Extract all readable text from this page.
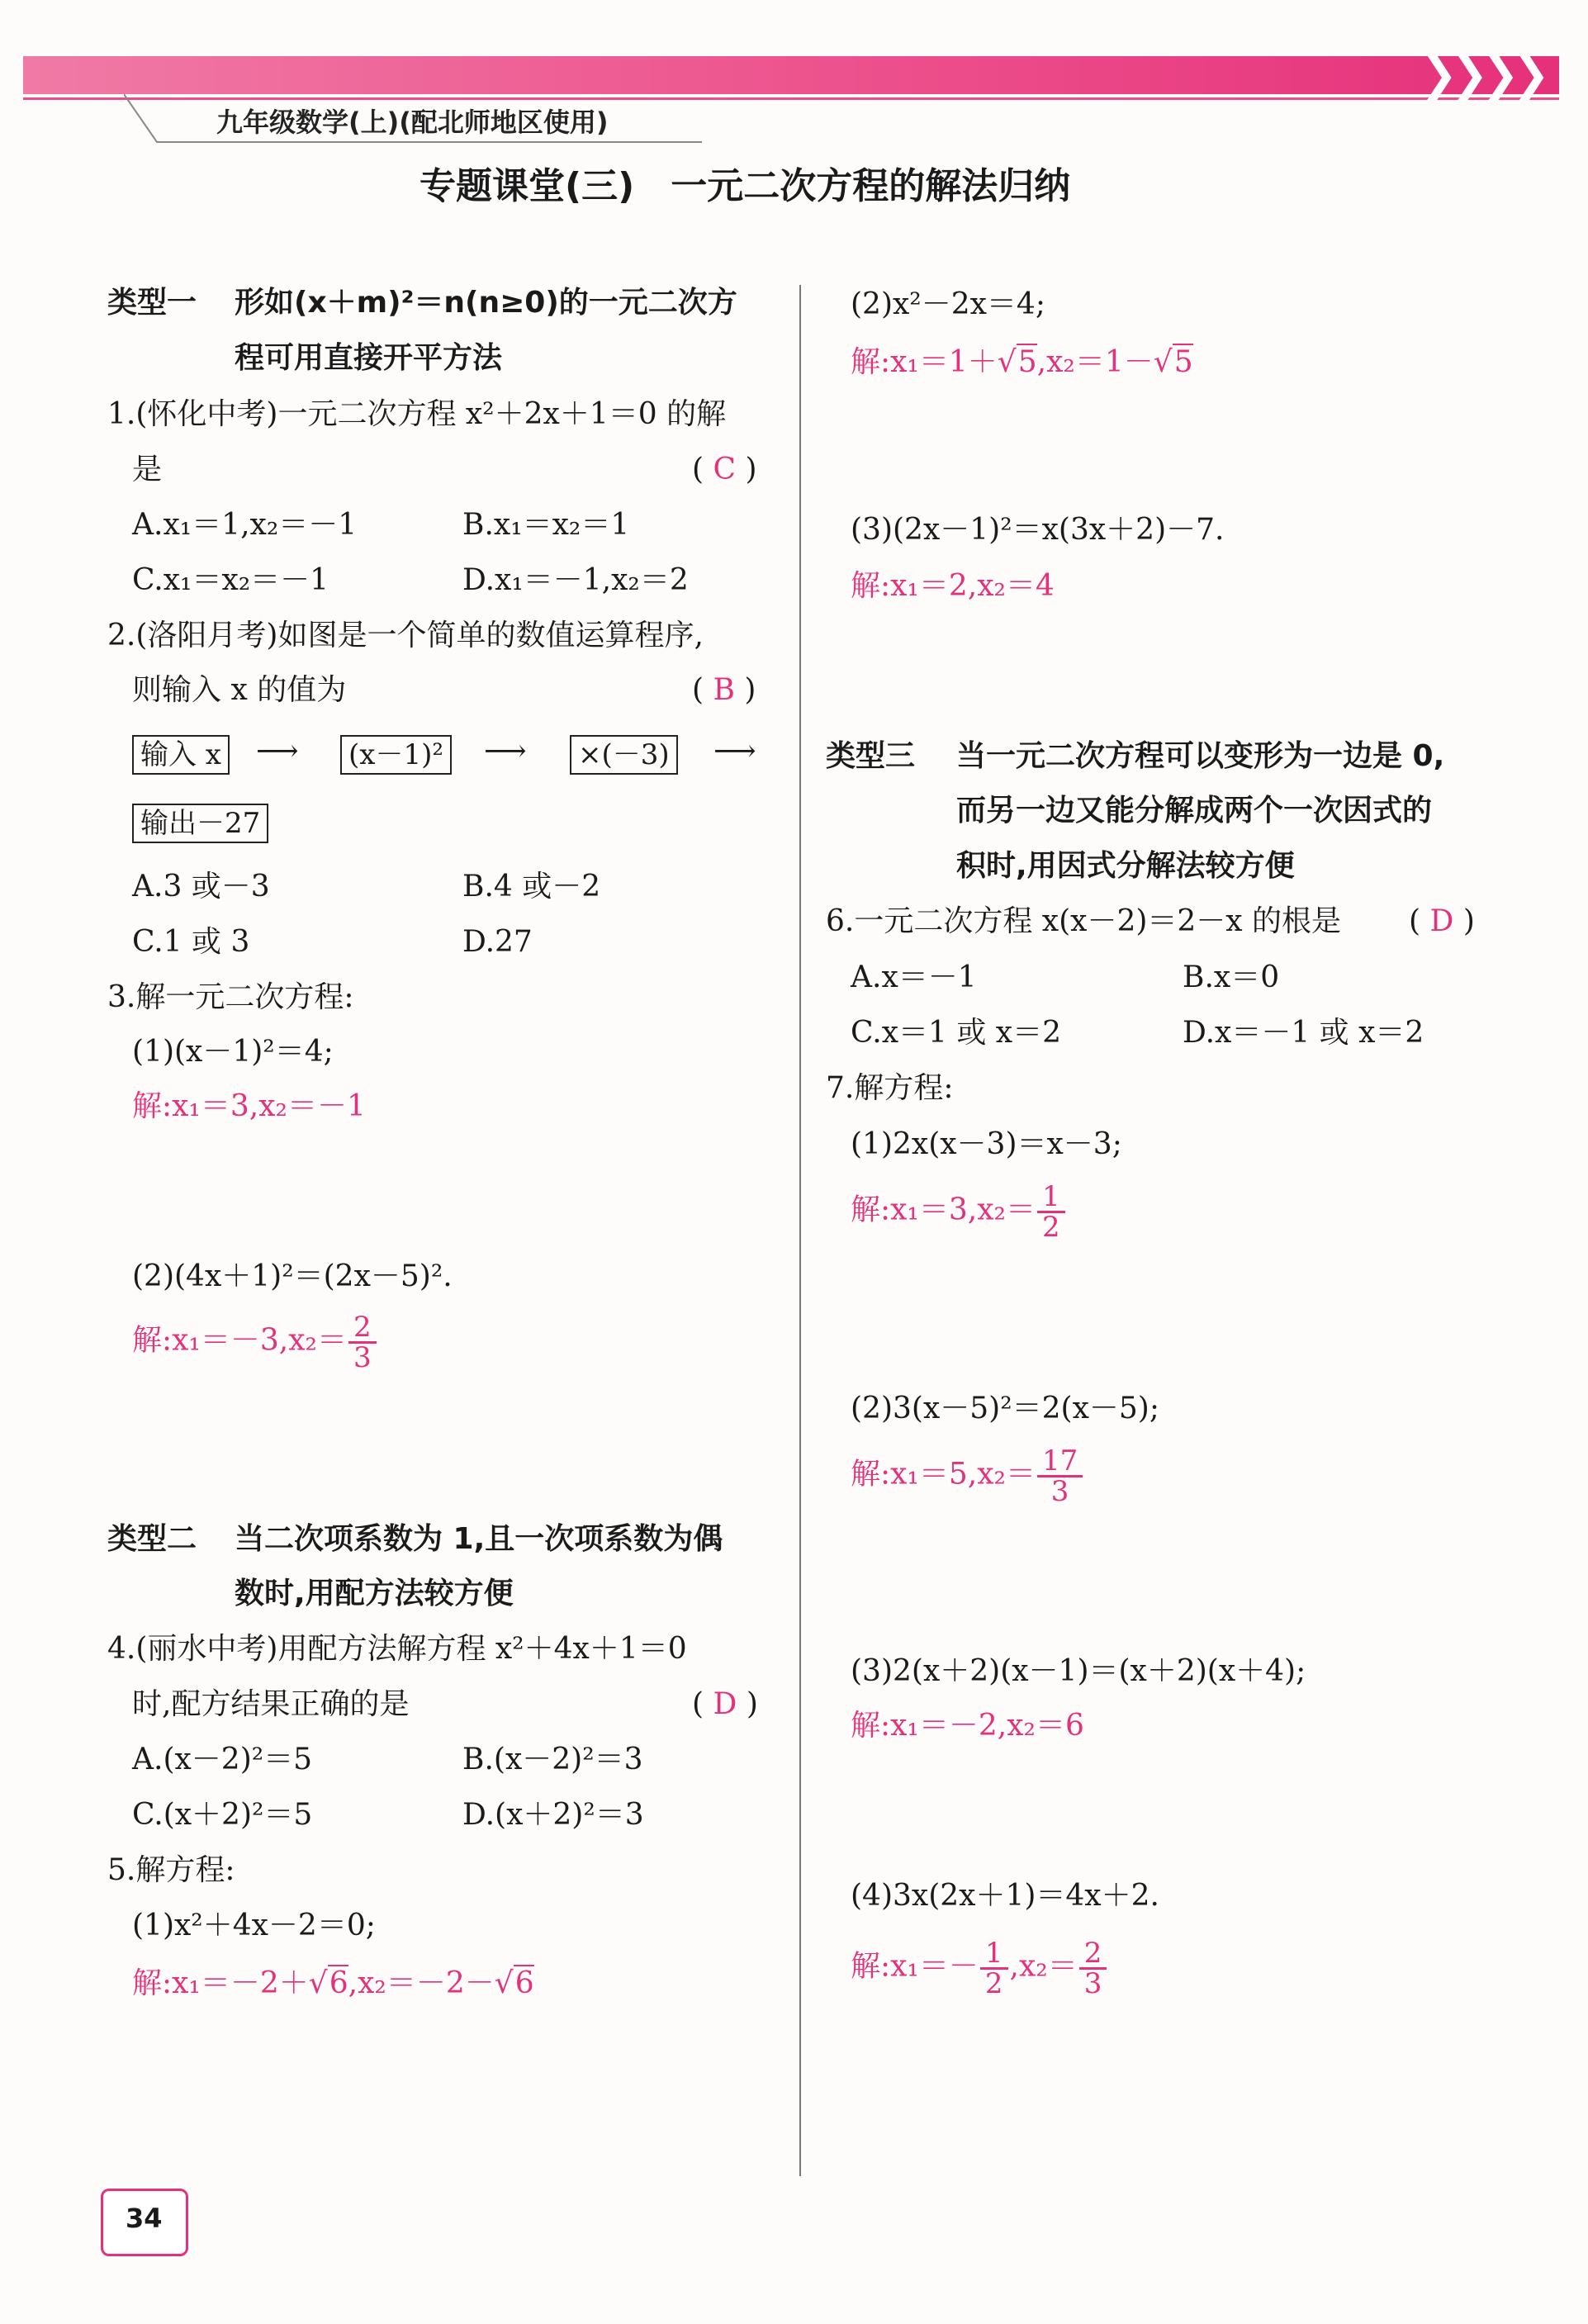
❯❯❯❯
九年级数学(上)(配北师地区使用)
专题课堂(三)　一元二次方程的解法归纳
类型一 形如(x＋m)²＝n(n≥0)的一元二次方
程可用直接开平方法
1.(怀化中考)一元二次方程 x²＋2x＋1＝0 的解
是	( C )
A.x₁＝1,x₂＝－1	B.x₁＝x₂＝1
C.x₁＝x₂＝－1	D.x₁＝－1,x₂＝2
2.(洛阳月考)如图是一个简单的数值运算程序,
则输入 x 的值为	( B )
输入 x ⟶ (x－1)² ⟶ ×(－3) ⟶
输出－27
A.3 或－3	B.4 或－2
C.1 或 3	D.27
3.解一元二次方程:
(1)(x－1)²＝4;
解:x₁＝3,x₂＝－1
(2)(4x＋1)²＝(2x－5)².
解:x₁＝－3,x₂＝ $\frac{2}{3}$
类型二 当二次项系数为 1,且一次项系数为偶
数时,用配方法较方便
4.(丽水中考)用配方法解方程 x²＋4x＋1＝0
时,配方结果正确的是	( D )
A.(x－2)²＝5	B.(x－2)²＝3
C.(x＋2)²＝5	D.(x＋2)²＝3
5.解方程:
(1)x²＋4x－2＝0;
解:x₁＝－2＋√6,x₂＝－2－√6
(2)x²－2x＝4;
解:x₁＝1＋√5,x₂＝1－√5
(3)(2x－1)²＝x(3x＋2)－7.
解:x₁＝2,x₂＝4
类型三 当一元二次方程可以变形为一边是 0,
而另一边又能分解成两个一次因式的
积时,用因式分解法较方便
6.一元二次方程 x(x－2)＝2－x 的根是 ( D )
A.x＝－1	B.x＝0
C.x＝1 或 x＝2	D.x＝－1 或 x＝2
7.解方程:
(1)2x(x－3)＝x－3;
解:x₁＝3,x₂＝ $\frac{1}{2}$
(2)3(x－5)²＝2(x－5);
解:x₁＝5,x₂＝ $\frac{17}{3}$
(3)2(x＋2)(x－1)＝(x＋2)(x＋4);
解:x₁＝－2,x₂＝6
(4)3x(2x＋1)＝4x＋2.
解:x₁＝－ $\frac{1}{2} ,x_2= \frac{2}{3}$
34
